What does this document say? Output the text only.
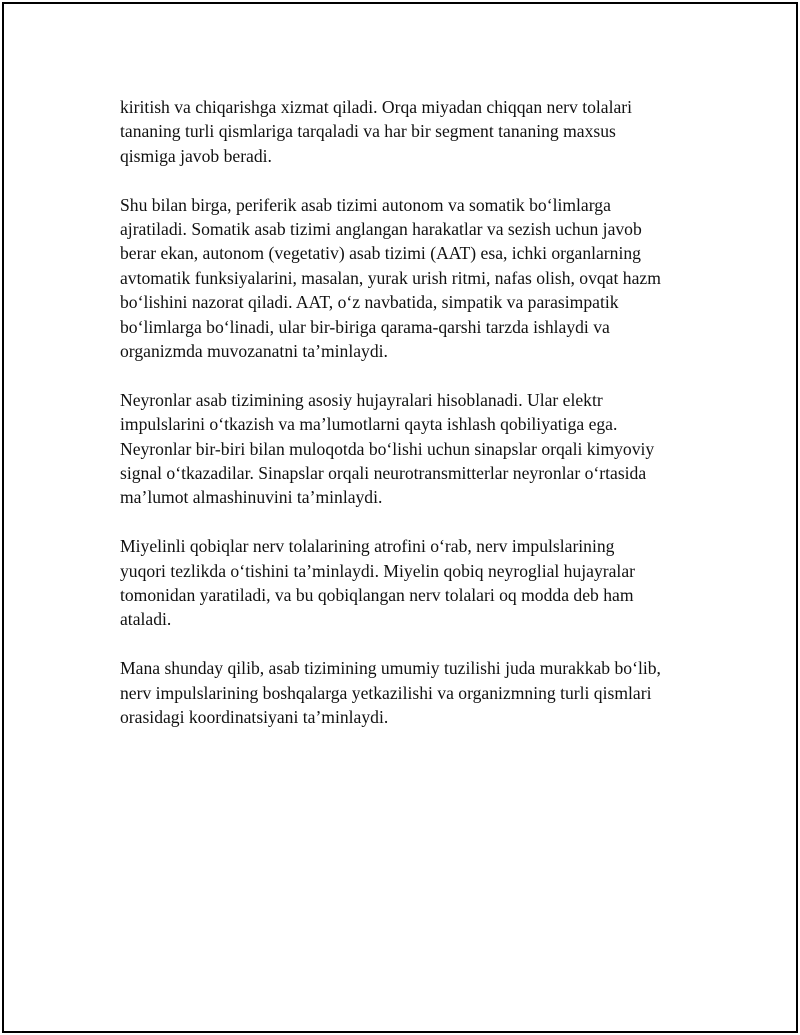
kiritish va chiqarishga xizmat qiladi. Orqa miyadan chiqqan nerv tolalari
tananing turli qismlariga tarqaladi va har bir segment tananing maxsus
qismiga javob beradi.

Shu bilan birga, periferik asab tizimi autonom va somatik bo‘limlarga
ajratiladi. Somatik asab tizimi anglangan harakatlar va sezish uchun javob
berar ekan, autonom (vegetativ) asab tizimi (AAT) esa, ichki organlarning
avtomatik funksiyalarini, masalan, yurak urish ritmi, nafas olish, ovqat hazm
bo‘lishini nazorat qiladi. AAT, o‘z navbatida, simpatik va parasimpatik
bo‘limlarga bo‘linadi, ular bir-biriga qarama-qarshi tarzda ishlaydi va
organizmda muvozanatni ta’minlaydi.

Neyronlar asab tizimining asosiy hujayralari hisoblanadi. Ular elektr
impulslarini o‘tkazish va ma’lumotlarni qayta ishlash qobiliyatiga ega.
Neyronlar bir-biri bilan muloqotda bo‘lishi uchun sinapslar orqali kimyoviy
signal o‘tkazadilar. Sinapslar orqali neurotransmitterlar neyronlar o‘rtasida
ma’lumot almashinuvini ta’minlaydi.

Miyelinli qobiqlar nerv tolalarining atrofini o‘rab, nerv impulslarining
yuqori tezlikda o‘tishini ta’minlaydi. Miyelin qobiq neyroglial hujayralar
tomonidan yaratiladi, va bu qobiqlangan nerv tolalari oq modda deb ham
ataladi.

Mana shunday qilib, asab tizimining umumiy tuzilishi juda murakkab bo‘lib,
nerv impulslarining boshqalarga yetkazilishi va organizmning turli qismlari
orasidagi koordinatsiyani ta’minlaydi.
